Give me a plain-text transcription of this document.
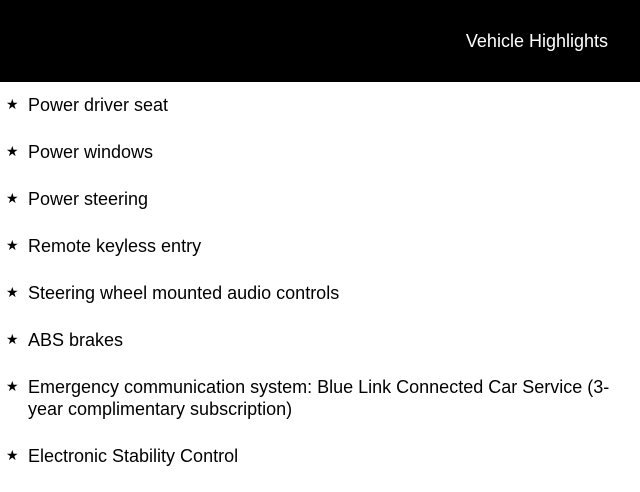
Vehicle Highlights
★ Power driver seat
★ Power windows
★ Power steering
★ Remote keyless entry
★ Steering wheel mounted audio controls
★ ABS brakes
★ Emergency communication system: Blue Link Connected Car Service (3-year complimentary subscription)
★ Electronic Stability Control
